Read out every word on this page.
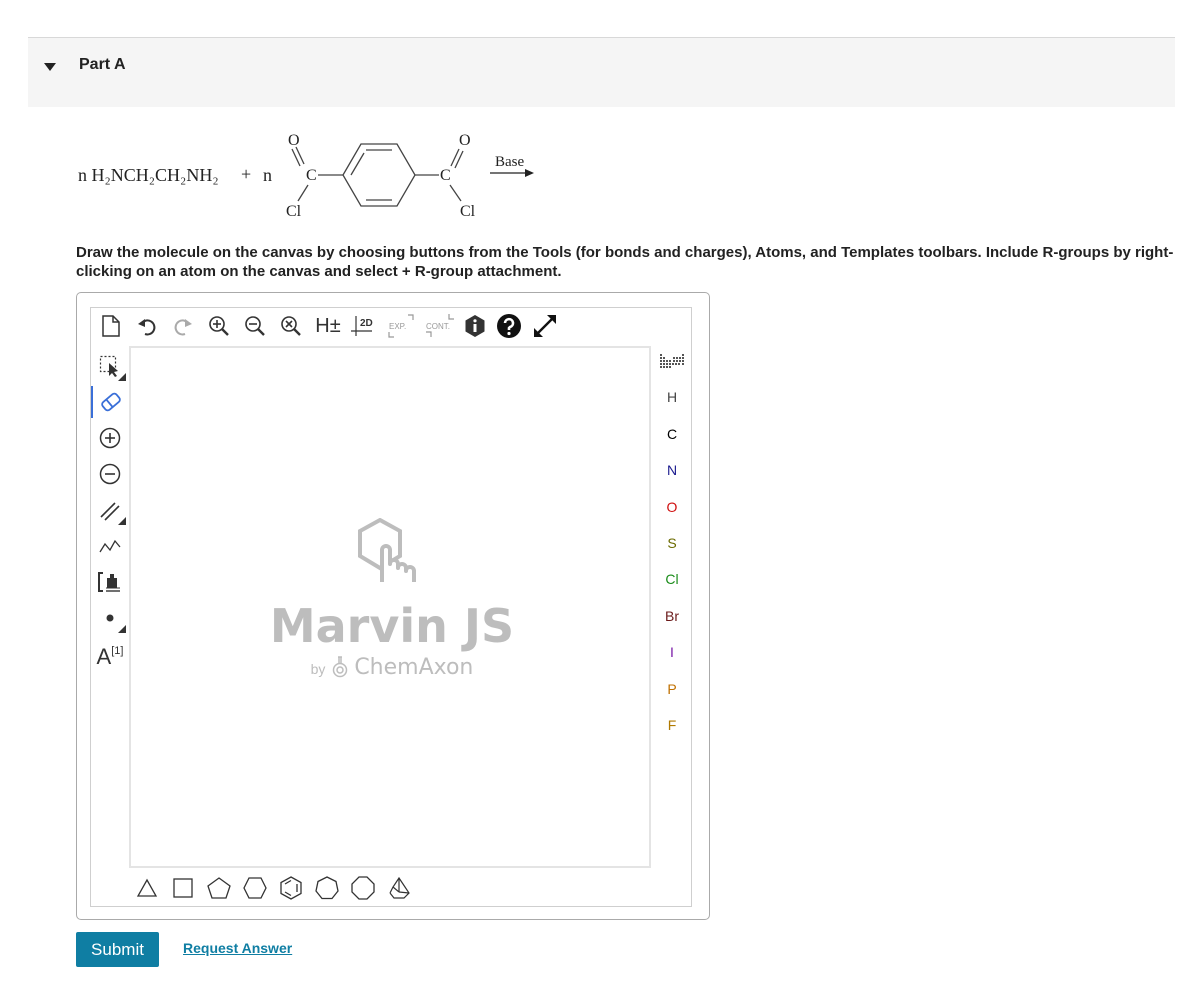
Part A
n H₂NCH₂CH₂NH₂ + n
O
C
Cl
C
O
Cl
Base
Draw the molecule on the canvas by choosing buttons from the Tools (for bonds and charges), Atoms, and Templates toolbars. Include R-groups by right-clicking on an atom on the canvas and select + R-group attachment.
H± 2D EXP. CONT.
A[1]	Marvin JS
by ChemAxon
H
C
N
O
S
Cl
Br
I
P
F
Submit	Request Answer
